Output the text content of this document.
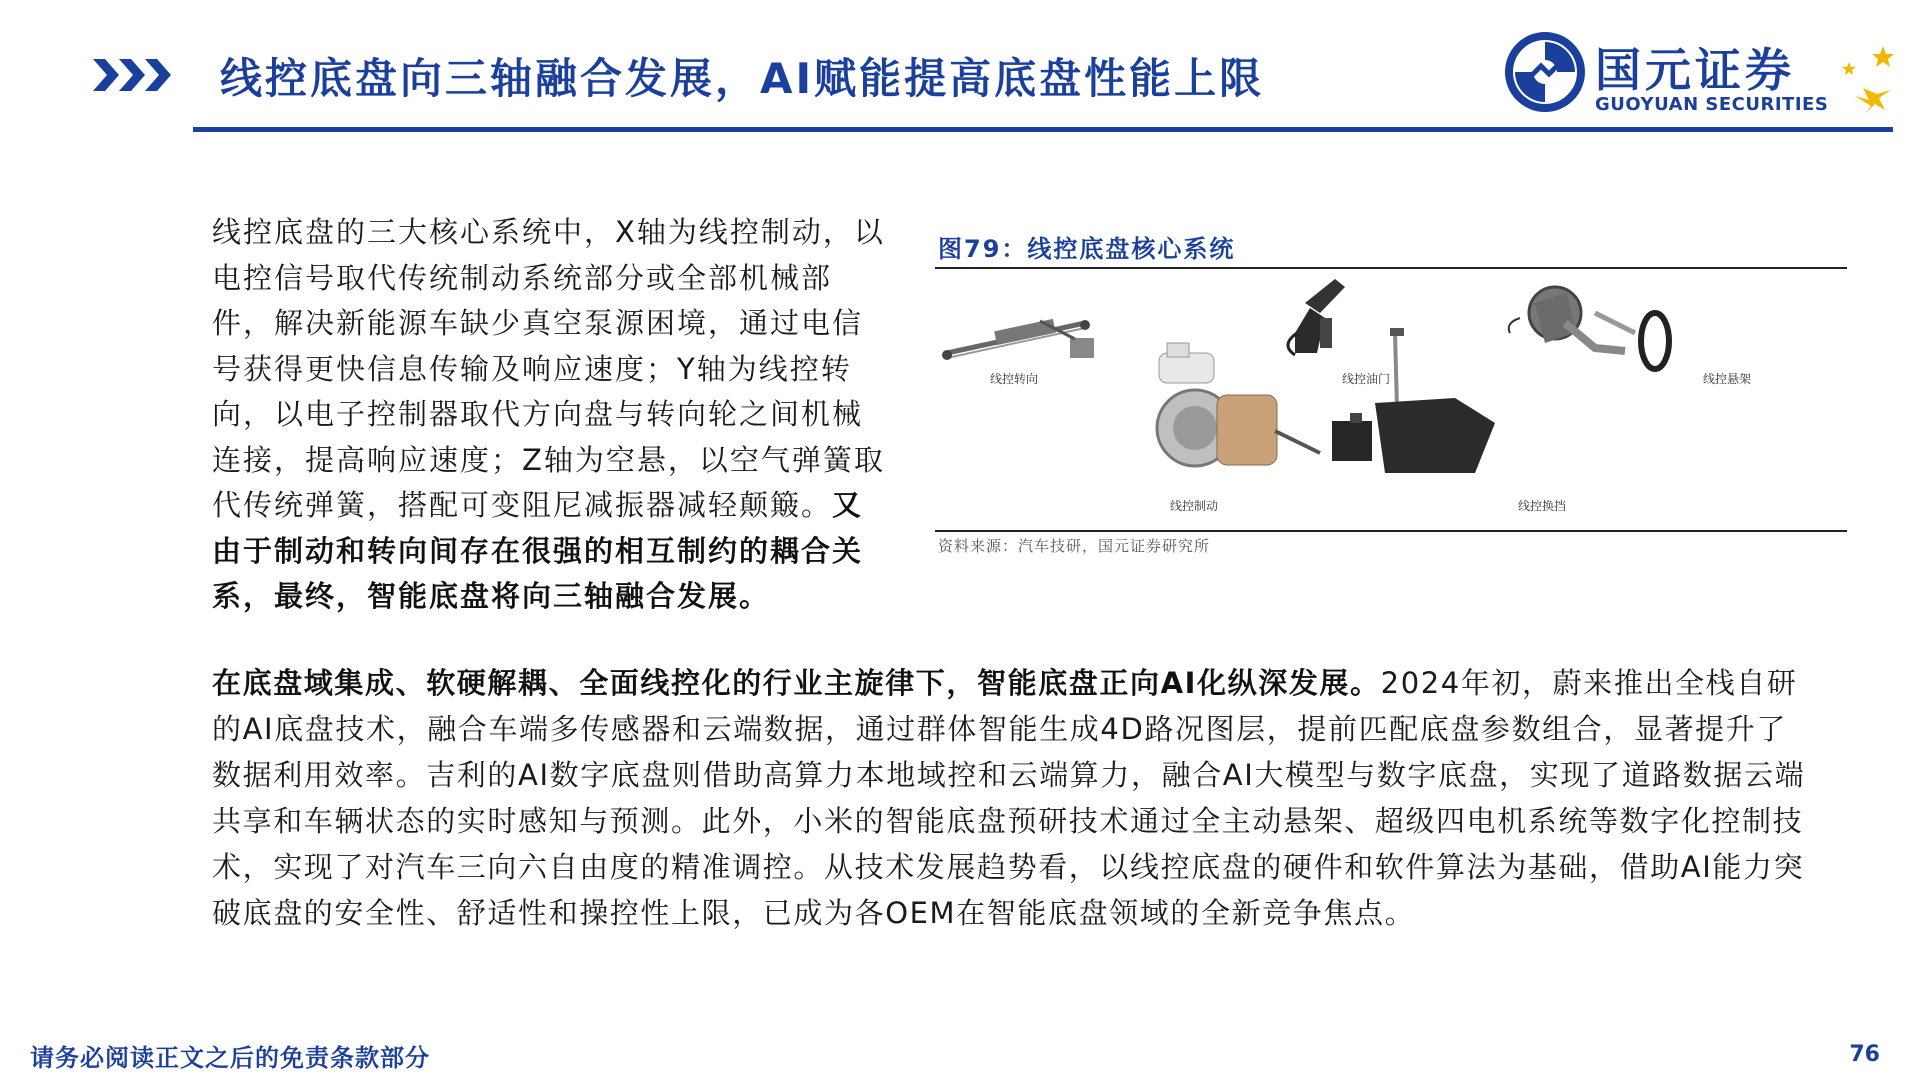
线控底盘向三轴融合发展，AI赋能提高底盘性能上限	国元证券
GUOYUAN SECURITIES
线控底盘的三大核心系统中，X轴为线控制动，以电控信号取代传统制动系统部分或全部机械部件，解决新能源车缺少真空泵源困境，通过电信号获得更快信息传输及响应速度；Y轴为线控转向，以电子控制器取代方向盘与转向轮之间机械连接，提高响应速度；Z轴为空悬，以空气弹簧取代传统弹簧，搭配可变阻尼减振器减轻颠簸。又由于制动和转向间存在很强的相互制约的耦合关系，最终，智能底盘将向三轴融合发展。
图79：线控底盘核心系统
线控转向
线控制动
线控油门
线控换挡
线控悬架
资料来源：汽车技研，国元证券研究所
在底盘域集成、软硬解耦、全面线控化的行业主旋律下，智能底盘正向AI化纵深发展。2024年初，蔚来推出全栈自研的AI底盘技术，融合车端多传感器和云端数据，通过群体智能生成4D路况图层，提前匹配底盘参数组合，显著提升了数据利用效率。吉利的AI数字底盘则借助高算力本地域控和云端算力，融合AI大模型与数字底盘，实现了道路数据云端共享和车辆状态的实时感知与预测。此外，小米的智能底盘预研技术通过全主动悬架、超级四电机系统等数字化控制技术，实现了对汽车三向六自由度的精准调控。从技术发展趋势看，以线控底盘的硬件和软件算法为基础，借助AI能力突破底盘的安全性、舒适性和操控性上限，已成为各OEM在智能底盘领域的全新竞争焦点。
请务必阅读正文之后的免责条款部分	76
